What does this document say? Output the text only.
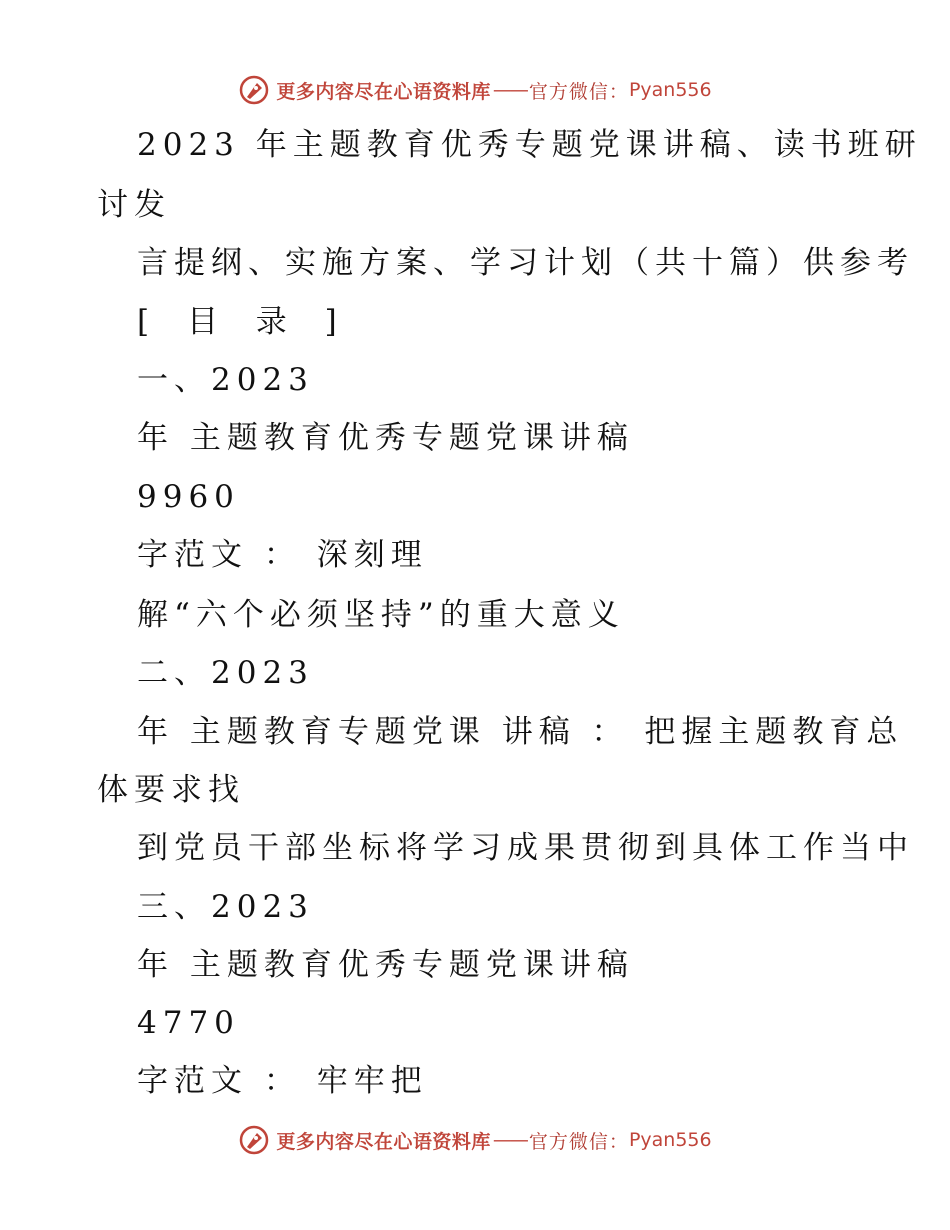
更多内容尽在心语资料库 —— 官方微信： Pyan556
2023 年主题教育优秀专题党课讲稿、读书班研
讨发
言提纲、实施方案、学习计划（共十篇）供参考
[ 目 录 ]
一、2023
年 主题教育优秀专题党课讲稿
9960
字范文 ： 深刻理
解“六个必须坚持”的重大意义
二、2023
年 主题教育专题党课 讲稿 ： 把握主题教育总
体要求找
到党员干部坐标将学习成果贯彻到具体工作当中
三、2023
年 主题教育优秀专题党课讲稿
4770
字范文 ： 牢牢把
更多内容尽在心语资料库 —— 官方微信： Pyan556
